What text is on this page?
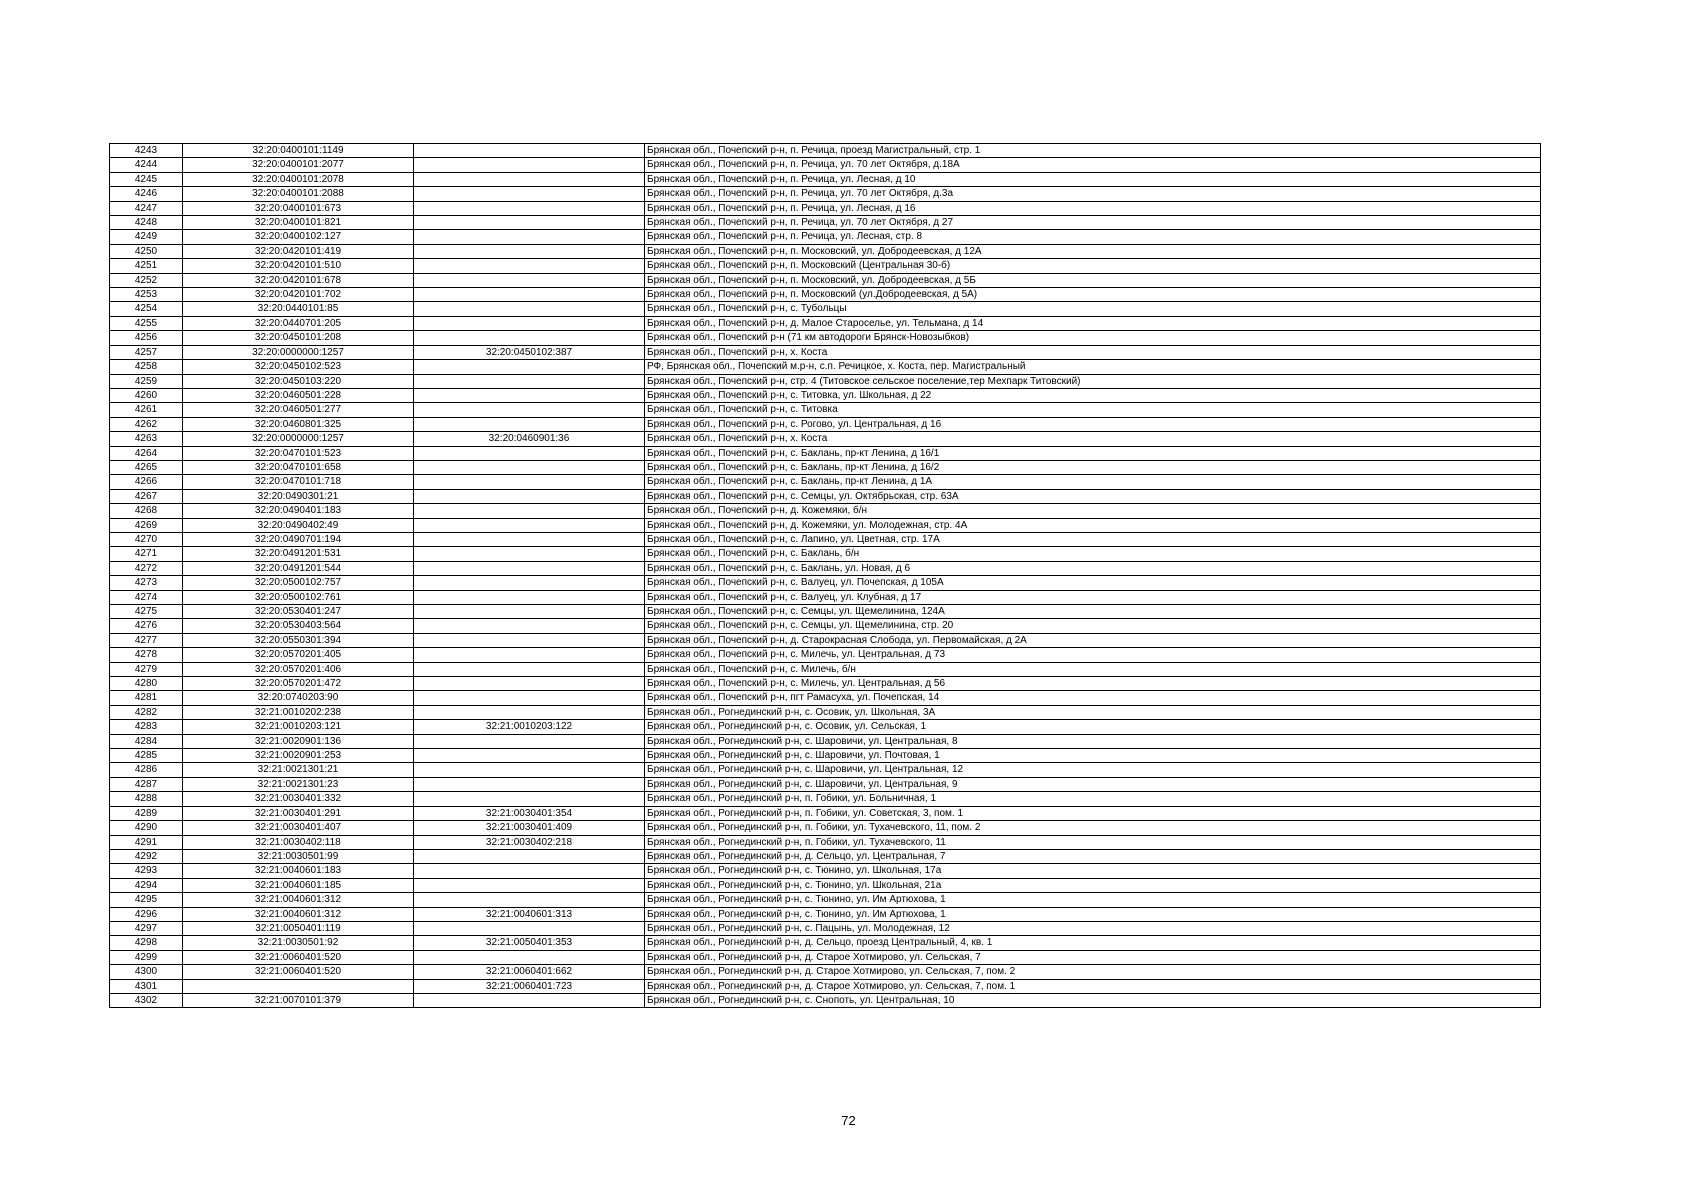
4243	32:20:0400101:1149		Брянская обл., Почепский р-н, п. Речица, проезд Магистральный, стр. 1
4244	32:20:0400101:2077		Брянская обл., Почепский р-н, п. Речица, ул. 70 лет Октября, д.18А
4245	32:20:0400101:2078		Брянская обл., Почепский р-н, п. Речица, ул. Лесная, д 10
4246	32:20:0400101:2088		Брянская обл., Почепский р-н, п. Речица, ул. 70 лет Октября, д.3а
4247	32:20:0400101:673		Брянская обл., Почепский р-н, п. Речица, ул. Лесная, д 16
4248	32:20:0400101:821		Брянская обл., Почепский р-н, п. Речица, ул. 70 лет Октября, д 27
4249	32:20:0400102:127		Брянская обл., Почепский р-н, п. Речица, ул. Лесная, стр. 8
4250	32:20:0420101:419		Брянская обл., Почепский р-н, п. Московский, ул. Добродеевская, д 12А
4251	32:20:0420101:510		Брянская обл., Почепский р-н, п. Московский (Центральная 30-б)
4252	32:20:0420101:678		Брянская обл., Почепский р-н, п. Московский, ул. Добродеевская, д 5Б
4253	32:20:0420101:702		Брянская обл., Почепский р-н, п. Московский (ул.Добродеевская, д 5А)
4254	32:20:0440101:85		Брянская обл., Почепский р-н, с. Тубольцы
4255	32:20:0440701:205		Брянская обл., Почепский р-н, д. Малое Староселье, ул. Тельмана, д 14
4256	32:20:0450101:208		Брянская обл., Почепский р-н (71 км автодороги Брянск-Новозыбков)
4257	32:20:0000000:1257	32:20:0450102:387	Брянская обл., Почепский р-н, х. Коста
4258	32:20:0450102:523		РФ, Брянская обл., Почепский м.р-н, с.п. Речицкое, х. Коста, пер. Магистральный
4259	32:20:0450103:220		Брянская обл., Почепский р-н, стр. 4 (Титовское сельское поселение,тер Мехпарк Титовский)
4260	32:20:0460501:228		Брянская обл., Почепский р-н, с. Титовка, ул. Школьная, д 22
4261	32:20:0460501:277		Брянская обл., Почепский р-н, с. Титовка
4262	32:20:0460801:325		Брянская обл., Почепский р-н, с. Рогово, ул. Центральная, д 16
4263	32:20:0000000:1257	32:20:0460901:36	Брянская обл., Почепский р-н, х. Коста
4264	32:20:0470101:523		Брянская обл., Почепский р-н, с. Баклань, пр-кт Ленина, д 16/1
4265	32:20:0470101:658		Брянская обл., Почепский р-н, с. Баклань, пр-кт Ленина, д 16/2
4266	32:20:0470101:718		Брянская обл., Почепский р-н, с. Баклань, пр-кт Ленина, д 1А
4267	32:20:0490301:21		Брянская обл., Почепский р-н, с. Семцы, ул. Октябрьская, стр. 63А
4268	32:20:0490401:183		Брянская обл., Почепский р-н, д. Кожемяки, б/н
4269	32:20:0490402:49		Брянская обл., Почепский р-н, д. Кожемяки, ул. Молодежная, стр. 4А
4270	32:20:0490701:194		Брянская обл., Почепский р-н, с. Лапино, ул. Цветная, стр. 17А
4271	32:20:0491201:531		Брянская обл., Почепский р-н, с. Баклань, б/н
4272	32:20:0491201:544		Брянская обл., Почепский р-н, с. Баклань, ул. Новая, д 6
4273	32:20:0500102:757		Брянская обл., Почепский р-н, с. Валуец, ул. Почепская, д 105А
4274	32:20:0500102:761		Брянская обл., Почепский р-н, с. Валуец, ул. Клубная, д 17
4275	32:20:0530401:247		Брянская обл., Почепский р-н, с. Семцы, ул. Щемелинина, 124А
4276	32:20:0530403:564		Брянская обл., Почепский р-н, с. Семцы, ул. Щемелинина, стр. 20
4277	32:20:0550301:394		Брянская обл., Почепский р-н, д. Старокрасная Слобода, ул. Первомайская, д 2А
4278	32:20:0570201:405		Брянская обл., Почепский р-н, с. Милечь, ул. Центральная, д 73
4279	32:20:0570201:406		Брянская обл., Почепский р-н, с. Милечь, б/н
4280	32:20:0570201:472		Брянская обл., Почепский р-н, с. Милечь, ул. Центральная, д 56
4281	32:20:0740203:90		Брянская обл., Почепский р-н, пгт Рамасуха, ул. Почепская, 14
4282	32:21:0010202:238		Брянская обл., Рогнединский р-н, с. Осовик, ул. Школьная, 3А
4283	32:21:0010203:121	32:21:0010203:122	Брянская обл., Рогнединский р-н, с. Осовик, ул. Сельская, 1
4284	32:21:0020901:136		Брянская обл., Рогнединский р-н, с. Шаровичи, ул. Центральная, 8
4285	32:21:0020901:253		Брянская обл., Рогнединский р-н, с. Шаровичи, ул. Почтовая, 1
4286	32:21:0021301:21		Брянская обл., Рогнединский р-н, с. Шаровичи, ул. Центральная, 12
4287	32:21:0021301:23		Брянская обл., Рогнединский р-н, с. Шаровичи, ул. Центральная, 9
4288	32:21:0030401:332		Брянская обл., Рогнединский р-н, п. Гобики, ул. Больничная, 1
4289	32:21:0030401:291	32:21:0030401:354	Брянская обл., Рогнединский р-н, п. Гобики, ул. Советская, 3, пом. 1
4290	32:21:0030401:407	32:21:0030401:409	Брянская обл., Рогнединский р-н, п. Гобики, ул. Тухачевского, 11, пом. 2
4291	32:21:0030402:118	32:21:0030402:218	Брянская обл., Рогнединский р-н, п. Гобики, ул. Тухачевского, 11
4292	32:21:0030501:99		Брянская обл., Рогнединский р-н, д. Сельцо, ул. Центральная, 7
4293	32:21:0040601:183		Брянская обл., Рогнединский р-н, с. Тюнино, ул. Школьная, 17а
4294	32:21:0040601:185		Брянская обл., Рогнединский р-н, с. Тюнино, ул. Школьная, 21а
4295	32:21:0040601:312		Брянская обл., Рогнединский р-н, с. Тюнино, ул. Им Артюхова, 1
4296	32:21:0040601:312	32:21:0040601:313	Брянская обл., Рогнединский р-н, с. Тюнино, ул. Им Артюхова, 1
4297	32:21:0050401:119		Брянская обл., Рогнединский р-н, с. Пацынь, ул. Молодежная, 12
4298	32:21:0030501:92	32:21:0050401:353	Брянская обл., Рогнединский р-н, д. Сельцо, проезд Центральный, 4, кв. 1
4299	32:21:0060401:520		Брянская обл., Рогнединский р-н, д. Старое Хотмирово, ул. Сельская, 7
4300	32:21:0060401:520	32:21:0060401:662	Брянская обл., Рогнединский р-н, д. Старое Хотмирово, ул. Сельская, 7, пом. 2
4301		32:21:0060401:723	Брянская обл., Рогнединский р-н, д. Старое Хотмирово, ул. Сельская, 7, пом. 1
4302	32:21:0070101:379		Брянская обл., Рогнединский р-н, с. Снопоть, ул. Центральная, 10
72
